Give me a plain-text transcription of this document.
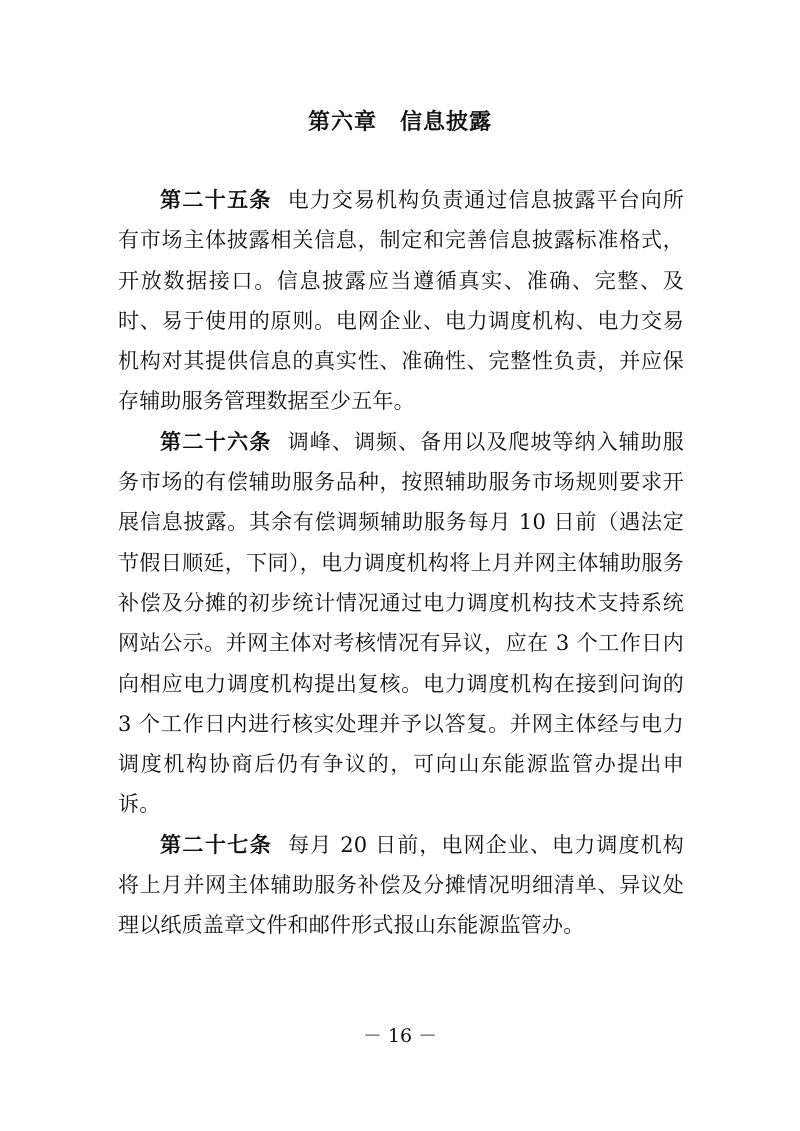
第六章　信息披露

第二十五条 电力交易机构负责通过信息披露平台向所有市场主体披露相关信息，制定和完善信息披露标准格式，开放数据接口。信息披露应当遵循真实、准确、完整、及时、易于使用的原则。电网企业、电力调度机构、电力交易机构对其提供信息的真实性、准确性、完整性负责，并应保存辅助服务管理数据至少五年。

第二十六条 调峰、调频、备用以及爬坡等纳入辅助服务市场的有偿辅助服务品种，按照辅助服务市场规则要求开展信息披露。其余有偿调频辅助服务每月 10 日前（遇法定节假日顺延，下同），电力调度机构将上月并网主体辅助服务补偿及分摊的初步统计情况通过电力调度机构技术支持系统网站公示。并网主体对考核情况有异议，应在 3 个工作日内向相应电力调度机构提出复核。电力调度机构在接到问询的 3 个工作日内进行核实处理并予以答复。并网主体经与电力调度机构协商后仍有争议的，可向山东能源监管办提出申诉。

第二十七条 每月 20 日前，电网企业、电力调度机构将上月并网主体辅助服务补偿及分摊情况明细清单、异议处理以纸质盖章文件和邮件形式报山东能源监管办。

－ 16 －
